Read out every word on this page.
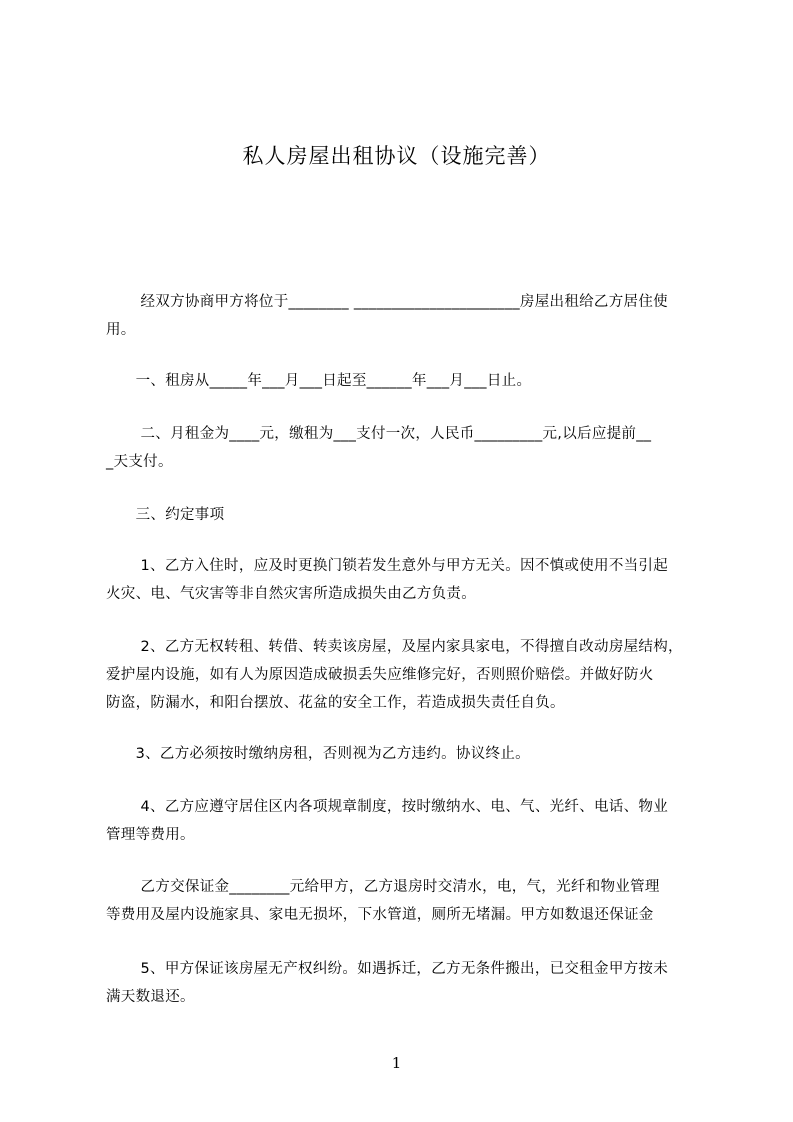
私人房屋出租协议（设施完善）
　　 经双方协商甲方将位于________ ______________________房屋出租给乙方居住使
用。
　　一、租房从_____年___月___日起至______年___月___日止。
　　 二、月租金为____元，缴租为___支付一次，人民币_________元,以后应提前__
_天支付。
　　三、约定事项
　　 1、乙方入住时，应及时更换门锁若发生意外与甲方无关。因不慎或使用不当引起
火灾、电、气灾害等非自然灾害所造成损失由乙方负责。
　　 2、乙方无权转租、转借、转卖该房屋，及屋内家具家电，不得擅自改动房屋结构，
爱护屋内设施，如有人为原因造成破损丢失应维修完好，否则照价赔偿。并做好防火
防盗，防漏水，和阳台摆放、花盆的安全工作，若造成损失责任自负。
　　3、乙方必须按时缴纳房租，否则视为乙方违约。协议终止。
　　 4、乙方应遵守居住区内各项规章制度，按时缴纳水、电、气、光纤、电话、物业
管理等费用。
　　 乙方交保证金________元给甲方，乙方退房时交清水，电，气，光纤和物业管理
等费用及屋内设施家具、家电无损坏，下水管道，厕所无堵漏。甲方如数退还保证金
　　 5、甲方保证该房屋无产权纠纷。如遇拆迁，乙方无条件搬出，已交租金甲方按未
满天数退还。
1
